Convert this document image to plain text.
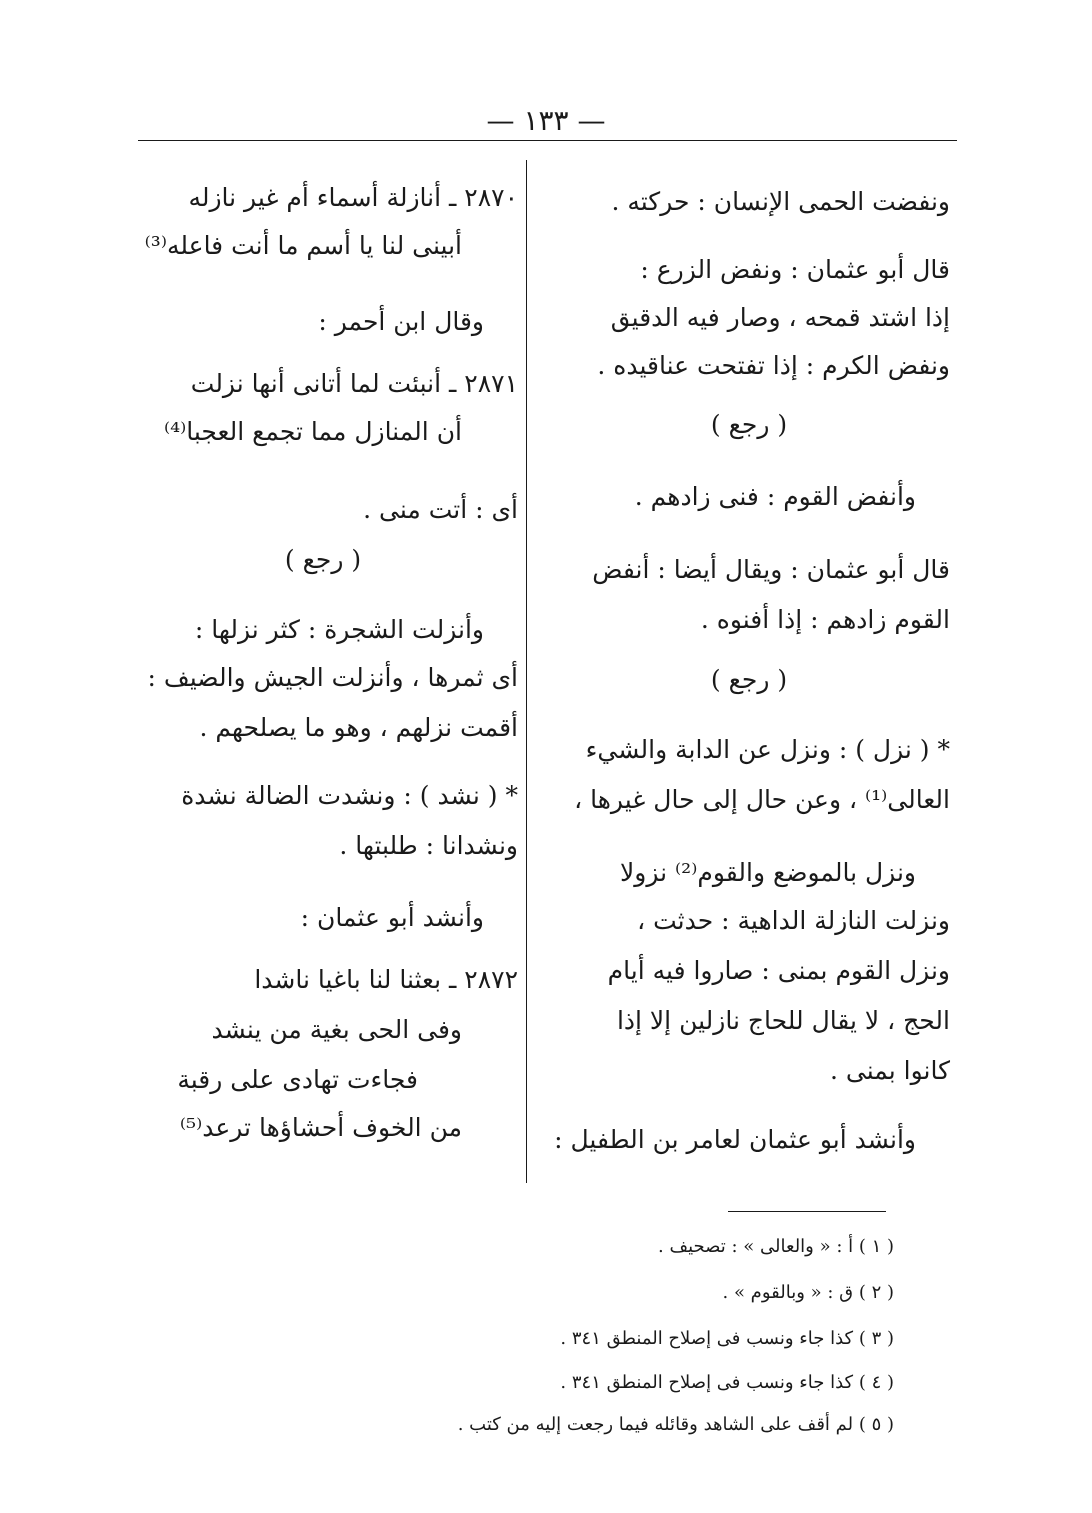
— ١٣٣ —
ونفضت الحمى الإنسان : حركته .
قال أبو عثمان : ونفض الزرع :
إذا اشتد قمحه ، وصار فيه الدقيق
ونفض الكرم : إذا تفتحت عناقيده .
( رجع )
وأنفض القوم : فنى زادهم .
قال أبو عثمان : ويقال أيضا : أنفض
القوم زادهم : إذا أفنوه .
( رجع )
* ( نزل ) : ونزل عن الدابة والشيء
العالى⁽¹⁾ ، وعن حال إلى حال غيرها ،
ونزل بالموضع والقوم⁽²⁾ نزولا
ونزلت النازلة الداهية : حدثت ،
ونزل القوم بمنى : صاروا فيه أيام
الحج ، لا يقال للحاج نازلين إلا إذا
كانوا بمنى .
وأنشد أبو عثمان لعامر بن الطفيل :
٢٨٧٠ ـ أنازلة أسماء أم غير نازله
أبينى لنا يا أسم ما أنت فاعله⁽³⁾
وقال ابن أحمر :
٢٨٧١ ـ أنبئت لما أتانى أنها نزلت
أن المنازل مما تجمع العجبا⁽⁴⁾
أى : أتت منى .
( رجع )
وأنزلت الشجرة : كثر نزلها :
أى ثمرها ، وأنزلت الجيش والضيف :
أقمت نزلهم ، وهو ما يصلحهم .
* ( نشد ) : ونشدت الضالة نشدة
ونشدانا : طلبتها .
وأنشد أبو عثمان :
٢٨٧٢ ـ بعثنا لنا باغيا ناشدا
وفى الحى بغية من ينشد
فجاءت تهادى على رقبة
من الخوف أحشاؤها ترعد⁽⁵⁾
( ١ ) أ : « والعالى » : تصحيف .
( ٢ ) ق : « وبالقوم » .
( ٣ ) كذا جاء ونسب فى إصلاح المنطق ٣٤١ .
( ٤ ) كذا جاء ونسب فى إصلاح المنطق ٣٤١ .
( ٥ ) لم أقف على الشاهد وقائله فيما رجعت إليه من كتب .
